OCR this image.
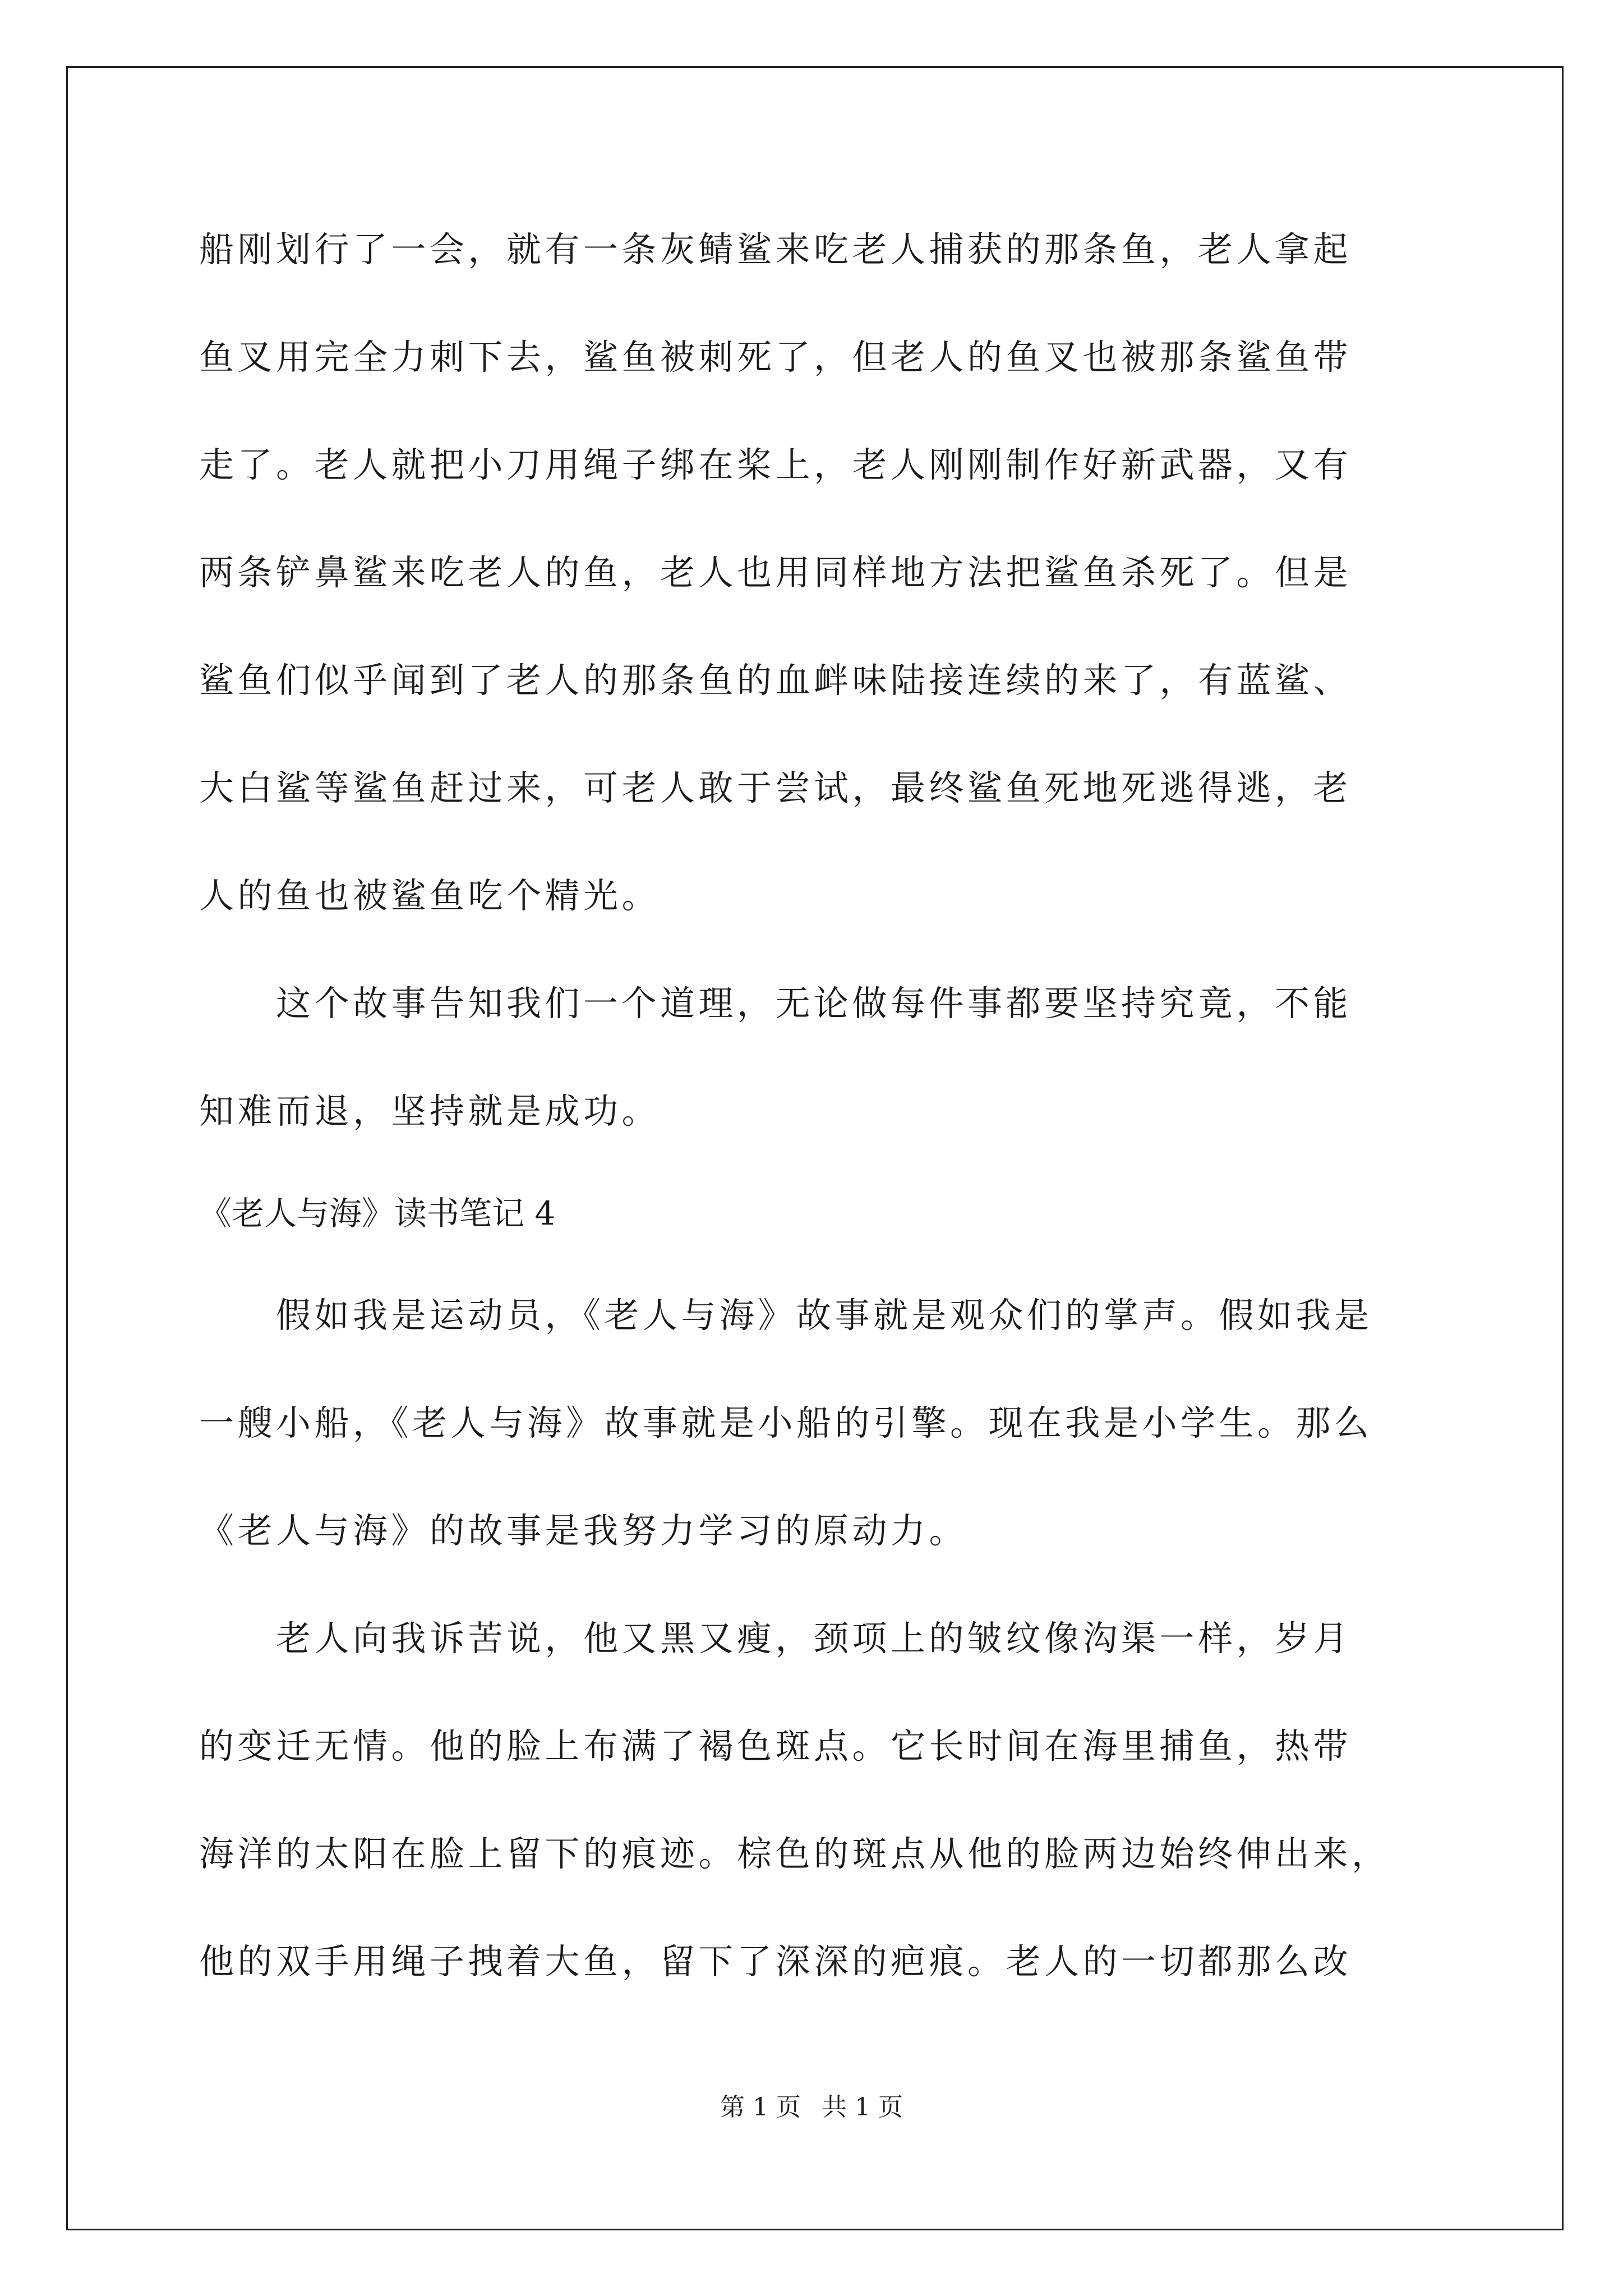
船刚划行了一会，就有一条灰鲭鲨来吃老人捕获的那条鱼，老人拿起
鱼叉用完全力刺下去，鲨鱼被刺死了，但老人的鱼叉也被那条鲨鱼带
走了。老人就把小刀用绳子绑在桨上，老人刚刚制作好新武器，又有
两条铲鼻鲨来吃老人的鱼，老人也用同样地方法把鲨鱼杀死了。但是
鲨鱼们似乎闻到了老人的那条鱼的血衅味陆接连续的来了，有蓝鲨、
大白鲨等鲨鱼赶过来，可老人敢于尝试，最终鲨鱼死地死逃得逃，老
人的鱼也被鲨鱼吃个精光。
　　这个故事告知我们一个道理，无论做每件事都要坚持究竟，不能
知难而退，坚持就是成功。
《老人与海》读书笔记 4
　　假如我是运动员，《老人与海》故事就是观众们的掌声。假如我是
一艘小船，《老人与海》故事就是小船的引擎。现在我是小学生。那么
《老人与海》的故事是我努力学习的原动力。
　　老人向我诉苦说，他又黑又瘦，颈项上的皱纹像沟渠一样，岁月
的变迁无情。他的脸上布满了褐色斑点。它长时间在海里捕鱼，热带
海洋的太阳在脸上留下的痕迹。棕色的斑点从他的脸两边始终伸出来，
他的双手用绳子拽着大鱼，留下了深深的疤痕。老人的一切都那么改
第 1 页 共 1 页
